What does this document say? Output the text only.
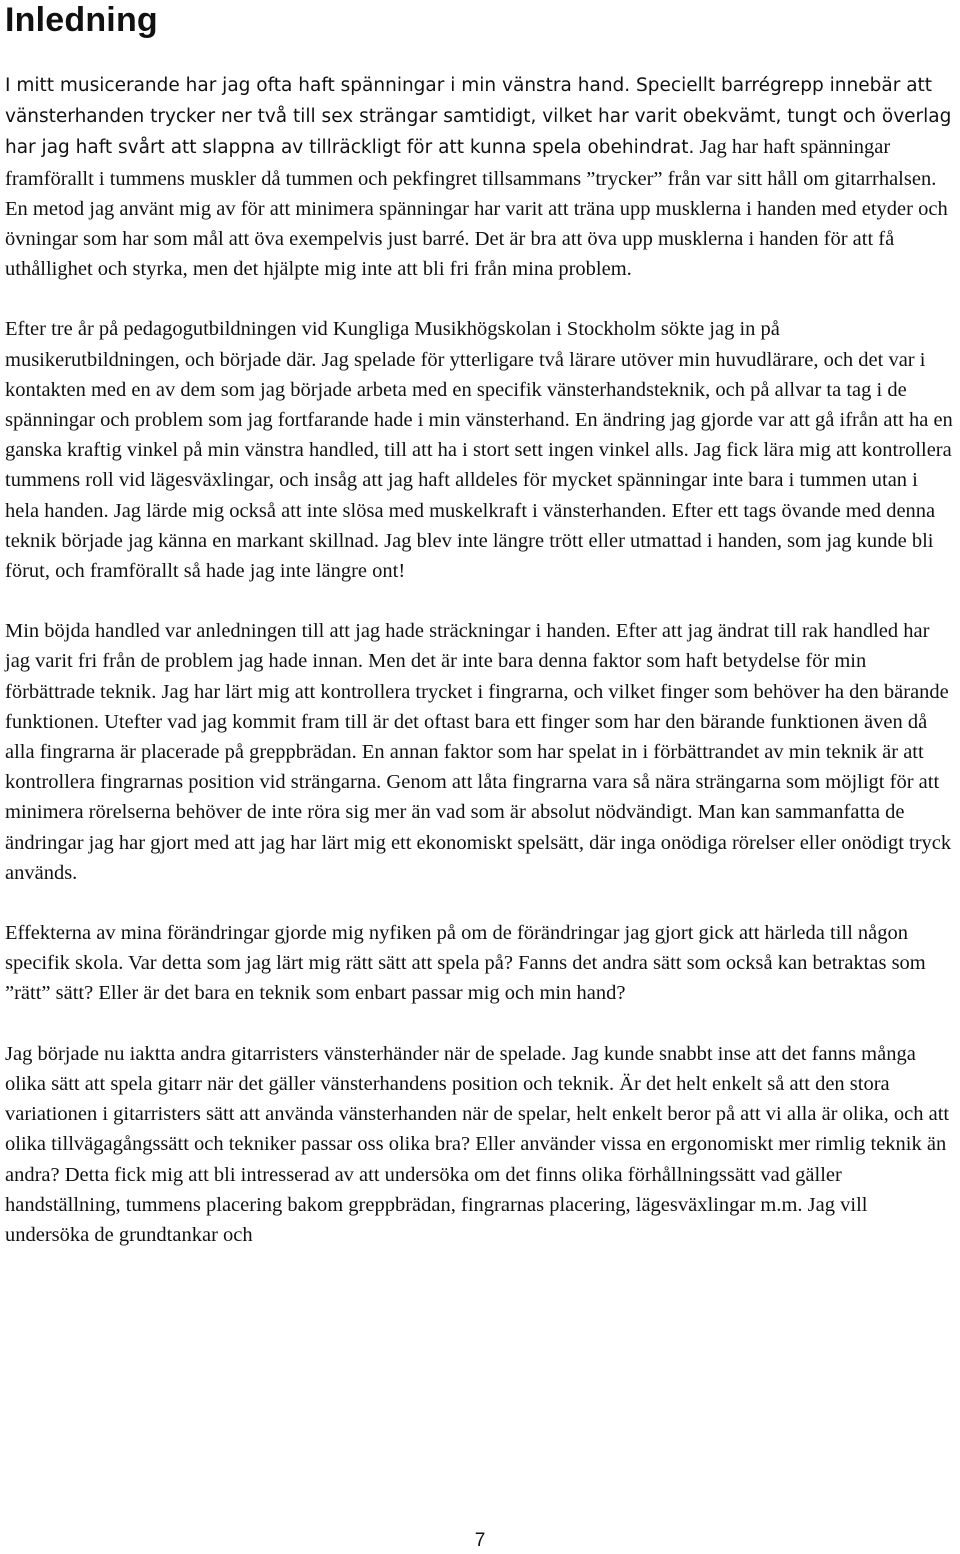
Inledning

I mitt musicerande har jag ofta haft spänningar i min vänstra hand. Speciellt barrégrepp innebär att vänsterhanden trycker ner två till sex strängar samtidigt, vilket har varit obekvämt, tungt och överlag har jag haft svårt att slappna av tillräckligt för att kunna spela obehindrat. Jag har haft spänningar framförallt i tummens muskler då tummen och pekfingret tillsammans ”trycker” från var sitt håll om gitarrhalsen. En metod jag använt mig av för att minimera spänningar har varit att träna upp musklerna i handen med etyder och övningar som har som mål att öva exempelvis just barré. Det är bra att öva upp musklerna i handen för att få uthållighet och styrka, men det hjälpte mig inte att bli fri från mina problem.

Efter tre år på pedagogutbildningen vid Kungliga Musikhögskolan i Stockholm sökte jag in på musikerutbildningen, och började där. Jag spelade för ytterligare två lärare utöver min huvudlärare, och det var i kontakten med en av dem som jag började arbeta med en specifik vänsterhandsteknik, och på allvar ta tag i de spänningar och problem som jag fortfarande hade i min vänsterhand. En ändring jag gjorde var att gå ifrån att ha en ganska kraftig vinkel på min vänstra handled, till att ha i stort sett ingen vinkel alls. Jag fick lära mig att kontrollera tummens roll vid lägesväxlingar, och insåg att jag haft alldeles för mycket spänningar inte bara i tummen utan i hela handen. Jag lärde mig också att inte slösa med muskelkraft i vänsterhanden. Efter ett tags övande med denna teknik började jag känna en markant skillnad. Jag blev inte längre trött eller utmattad i handen, som jag kunde bli förut, och framförallt så hade jag inte längre ont!

Min böjda handled var anledningen till att jag hade sträckningar i handen. Efter att jag ändrat till rak handled har jag varit fri från de problem jag hade innan. Men det är inte bara denna faktor som haft betydelse för min förbättrade teknik. Jag har lärt mig att kontrollera trycket i fingrarna, och vilket finger som behöver ha den bärande funktionen. Utefter vad jag kommit fram till är det oftast bara ett finger som har den bärande funktionen även då alla fingrarna är placerade på greppbrädan. En annan faktor som har spelat in i förbättrandet av min teknik är att kontrollera fingrarnas position vid strängarna. Genom att låta fingrarna vara så nära strängarna som möjligt för att minimera rörelserna behöver de inte röra sig mer än vad som är absolut nödvändigt. Man kan sammanfatta de ändringar jag har gjort med att jag har lärt mig ett ekonomiskt spelsätt, där inga onödiga rörelser eller onödigt tryck används.

Effekterna av mina förändringar gjorde mig nyfiken på om de förändringar jag gjort gick att härleda till någon specifik skola. Var detta som jag lärt mig rätt sätt att spela på? Fanns det andra sätt som också kan betraktas som ”rätt” sätt? Eller är det bara en teknik som enbart passar mig och min hand?

Jag började nu iaktta andra gitarristers vänsterhänder när de spelade. Jag kunde snabbt inse att det fanns många olika sätt att spela gitarr när det gäller vänsterhandens position och teknik. Är det helt enkelt så att den stora variationen i gitarristers sätt att använda vänsterhanden när de spelar, helt enkelt beror på att vi alla är olika, och att olika tillvägagångssätt och tekniker passar oss olika bra? Eller använder vissa en ergonomiskt mer rimlig teknik än andra? Detta fick mig att bli intresserad av att undersöka om det finns olika förhållningssätt vad gäller handställning, tummens placering bakom greppbrädan, fingrarnas placering, lägesväxlingar m.m. Jag vill undersöka de grundtankar och

7
